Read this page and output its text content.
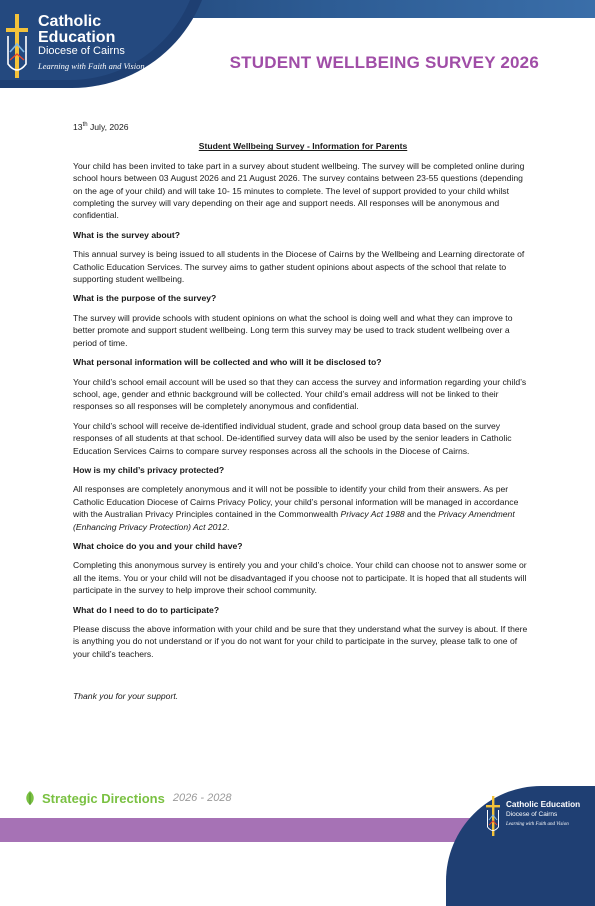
Catholic
Education
Diocese of Cairns
Learning with Faith and Vision	STUDENT WELLBEING SURVEY 2026

13th July, 2026

Student Wellbeing Survey - Information for Parents

Your child has been invited to take part in a survey about student wellbeing. The survey will be completed online during school hours between 03 August 2026 and 21 August 2026. The survey contains between 23-55 questions (depending on the age of your child) and will take 10- 15 minutes to complete. The level of support provided to your child whilst completing the survey will vary depending on their age and support needs. All responses will be anonymous and confidential.

What is the survey about?

This annual survey is being issued to all students in the Diocese of Cairns by the Wellbeing and Learning directorate of Catholic Education Services. The survey aims to gather student opinions about aspects of the school that relate to supporting student wellbeing.

What is the purpose of the survey?

The survey will provide schools with student opinions on what the school is doing well and what they can improve to better promote and support student wellbeing. Long term this survey may be used to track student wellbeing over a period of time.

What personal information will be collected and who will it be disclosed to?

Your child’s school email account will be used so that they can access the survey and information regarding your child’s school, age, gender and ethnic background will be collected. Your child’s email address will not be linked to their responses so all responses will be completely anonymous and confidential.

Your child’s school will receive de-identified individual student, grade and school group data based on the survey responses of all students at that school. De-identified survey data will also be used by the senior leaders in Catholic Education Services Cairns to compare survey responses across all the schools in the Diocese of Cairns.

How is my child’s privacy protected?

All responses are completely anonymous and it will not be possible to identify your child from their answers. As per Catholic Education Diocese of Cairns Privacy Policy, your child’s personal information will be managed in accordance with the Australian Privacy Principles contained in the Commonwealth Privacy Act 1988 and the Privacy Amendment (Enhancing Privacy Protection) Act 2012.

What choice do you and your child have?

Completing this anonymous survey is entirely you and your child’s choice. Your child can choose not to answer some or all the items. You or your child will not be disadvantaged if you choose not to participate. It is hoped that all students will participate in the survey to help improve their school community.

What do I need to do to participate?

Please discuss the above information with your child and be sure that they understand what the survey is about. If there is anything you do not understand or if you do not want for your child to participate in the survey, please talk to one of your child’s teachers.

Thank you for your support.

Strategic Directions 2026 - 2028
Catholic Education
Diocese of Cairns
Learning with Faith and Vision
